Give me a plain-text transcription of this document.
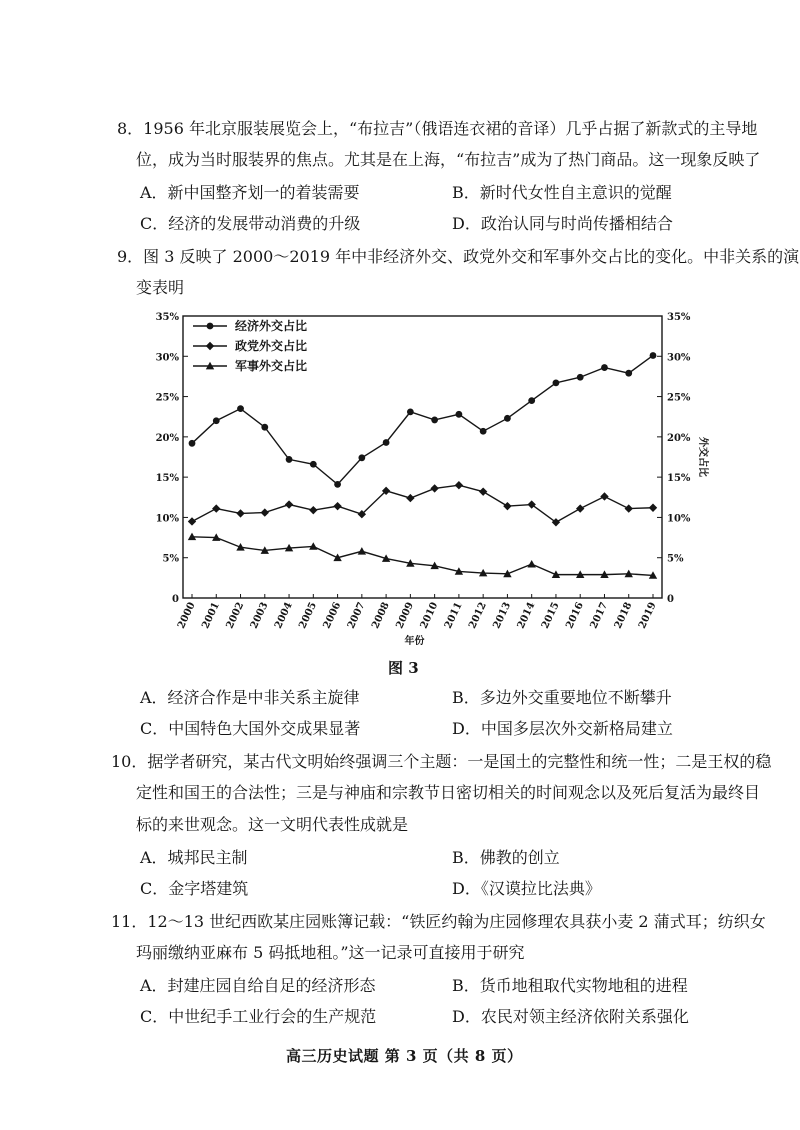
8．1956 年北京服装展览会上，“布拉吉”（俄语连衣裙的音译）几乎占据了新款式的主导地
位，成为当时服装界的焦点。尤其是在上海，“布拉吉”成为了热门商品。这一现象反映了
A．新中国整齐划一的着装需要	B．新时代女性自主意识的觉醒
C．经济的发展带动消费的升级	D．政治认同与时尚传播相结合
9．图 3 反映了 2000～2019 年中非经济外交、政党外交和军事外交占比的变化。中非关系的演
变表明
0	0
5%	5%
10%	10%
15%	15%
20%	20%
25%	25%
30%	30%
35%	35%
2000 2001 2002 2003 2004 2005 2006 2007 2008 2009 2010 2011 2012 2013 2014 2015 2016 2017 2018 2019
年份
外交占比
经济外交占比
政党外交占比
军事外交占比
图 3
A．经济合作是中非关系主旋律	B．多边外交重要地位不断攀升
C．中国特色大国外交成果显著	D．中国多层次外交新格局建立
10．据学者研究，某古代文明始终强调三个主题：一是国土的完整性和统一性；二是王权的稳
定性和国王的合法性；三是与神庙和宗教节日密切相关的时间观念以及死后复活为最终目
标的来世观念。这一文明代表性成就是
A．城邦民主制	B．佛教的创立
C．金字塔建筑	D．《汉谟拉比法典》
11．12～13 世纪西欧某庄园账簿记载：“铁匠约翰为庄园修理农具获小麦 2 蒲式耳；纺织女
玛丽缴纳亚麻布 5 码抵地租。”这一记录可直接用于研究
A．封建庄园自给自足的经济形态	B．货币地租取代实物地租的进程
C．中世纪手工业行会的生产规范	D．农民对领主经济依附关系强化
高三历史试题 第 3 页（共 8 页）
